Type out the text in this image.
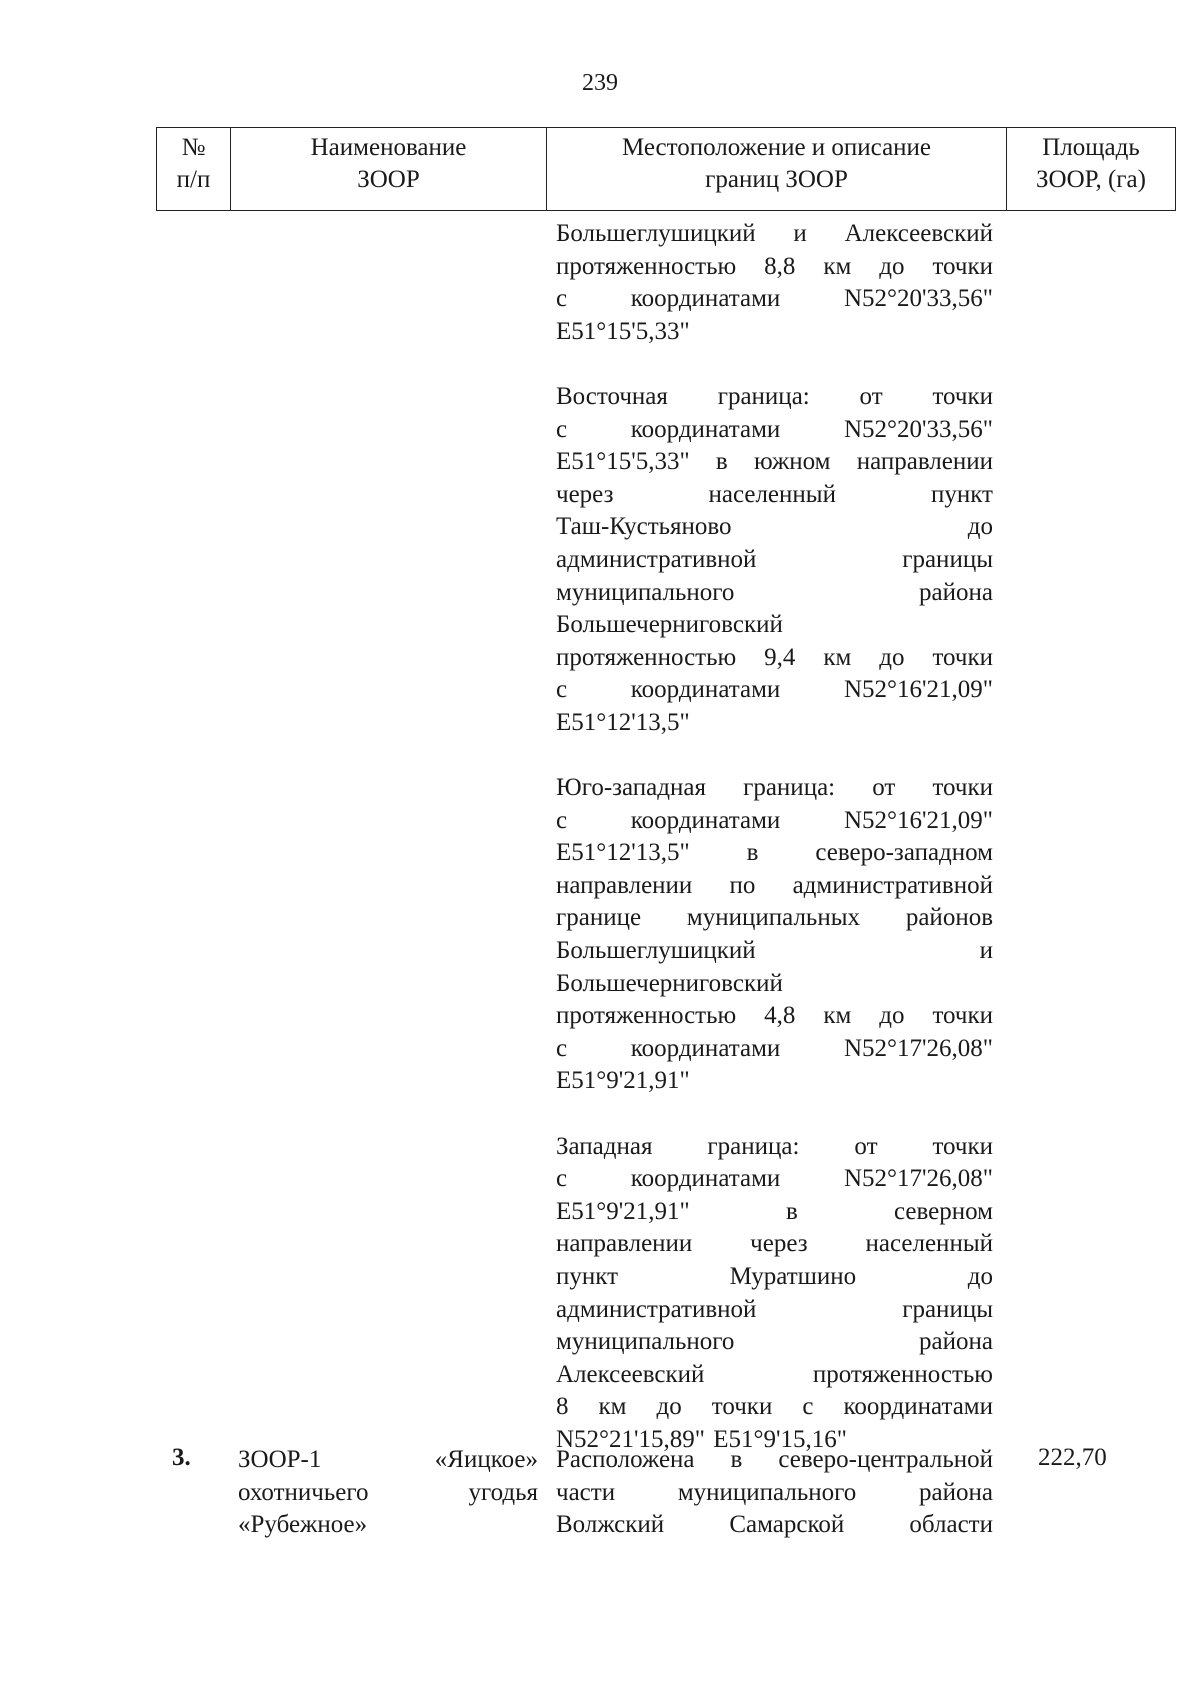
239
№
п/п
Наименование
ЗООР
Местоположение и описание
границ ЗООР
Площадь
ЗООР, (га)
Большеглушицкий и Алексеевский
протяженностью 8,8 км до точки
с координатами N52°20'33,56"
E51°15'5,33"
Восточная граница: от точки
с координатами N52°20'33,56"
E51°15'5,33" в южном направлении
через населенный пункт
Таш-Кустьяново до
административной границы
муниципального района
Большечерниговский
протяженностью 9,4 км до точки
с координатами N52°16'21,09"
E51°12'13,5"
Юго-западная граница: от точки
с координатами N52°16'21,09"
E51°12'13,5" в северо-западном
направлении по административной
границе муниципальных районов
Большеглушицкий и
Большечерниговский
протяженностью 4,8 км до точки
с координатами N52°17'26,08"
E51°9'21,91"
Западная граница: от точки
с координатами N52°17'26,08"
E51°9'21,91" в северном
направлении через населенный
пункт Муратшино до
административной границы
муниципального района
Алексеевский протяженностью
8 км до точки с координатами
N52°21'15,89" E51°9'15,16"
3. ЗООР-1 «Яицкое»
охотничьего угодья
«Рубежное»
Расположена в северо-центральной
части муниципального района
Волжский Самарской области
222,70
